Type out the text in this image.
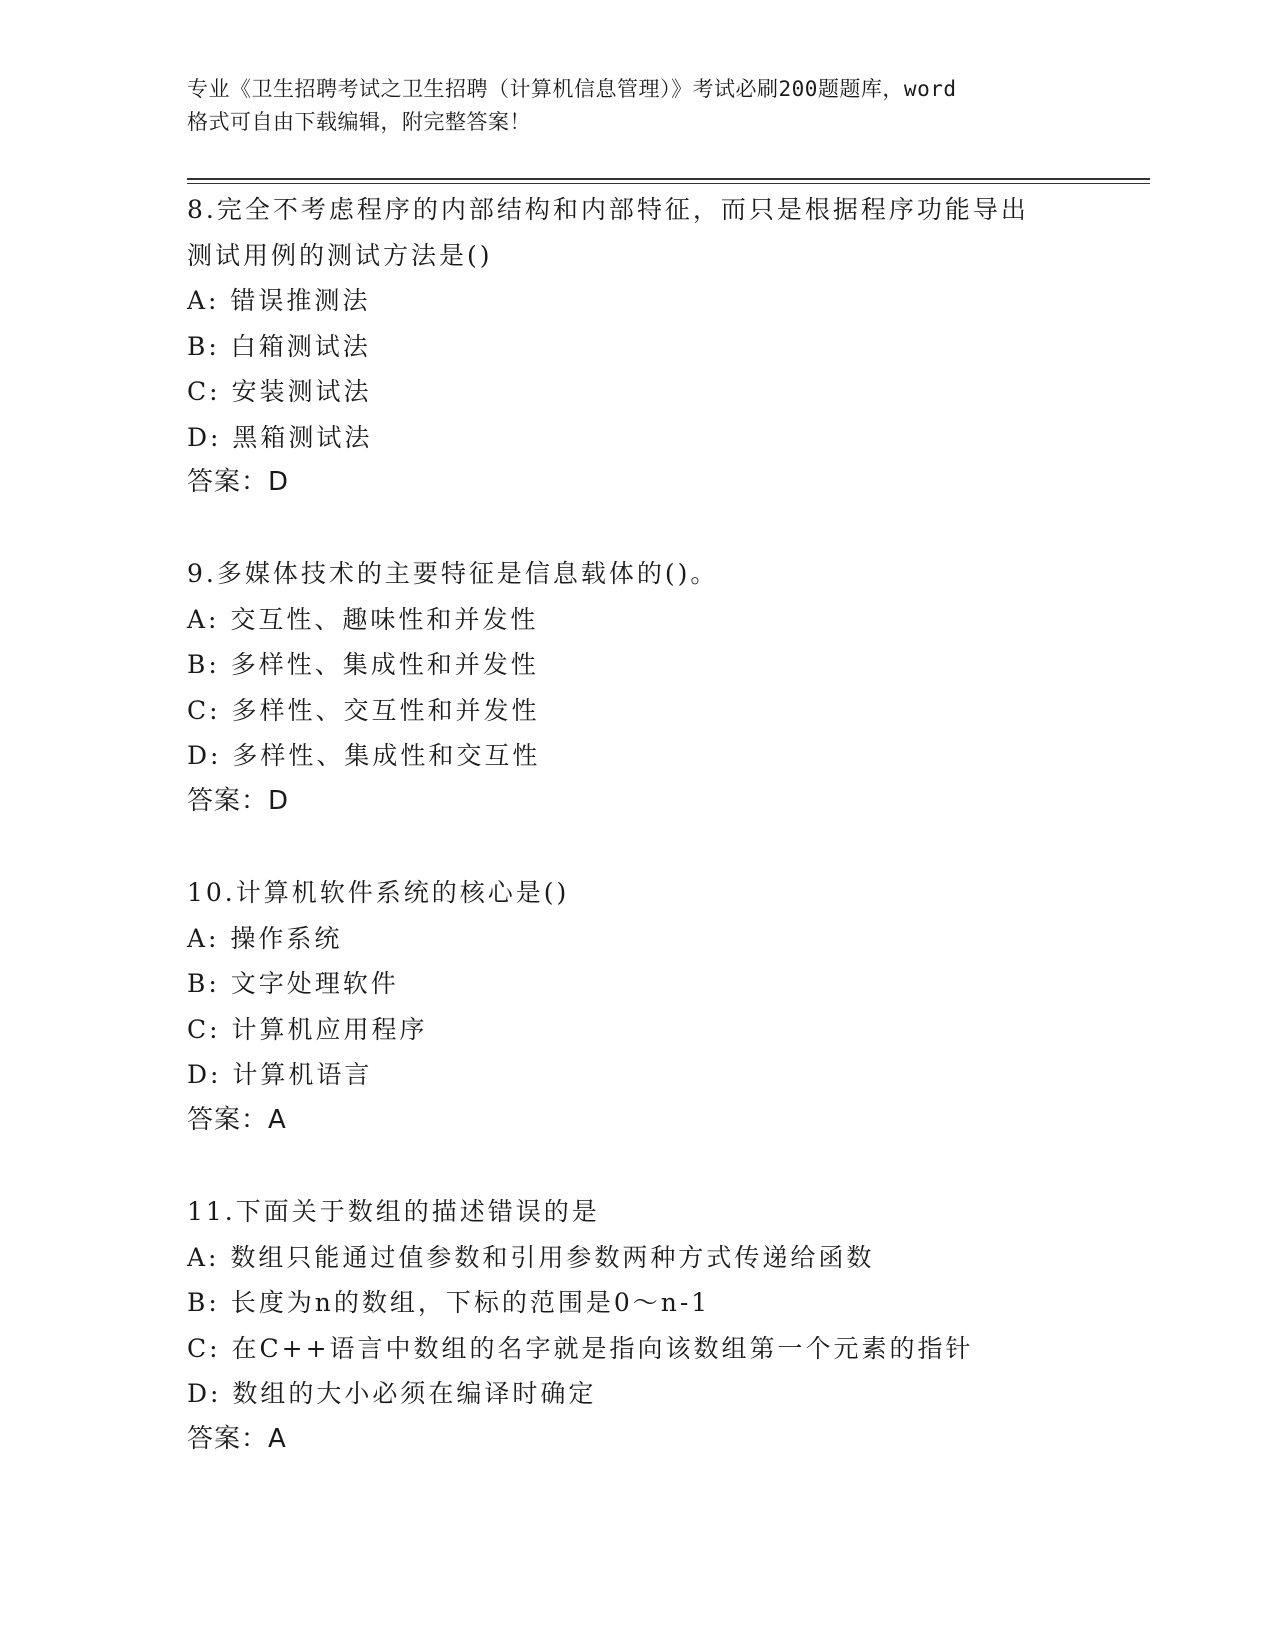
专业《卫生招聘考试之卫生招聘（计算机信息管理）》考试必刷200题题库，word
格式可自由下载编辑，附完整答案！
8.完全不考虑程序的内部结构和内部特征，而只是根据程序功能导出
测试用例的测试方法是()
A: 错误推测法
B: 白箱测试法
C: 安装测试法
D: 黑箱测试法
答案：D
9.多媒体技术的主要特征是信息载体的()。
A: 交互性、趣味性和并发性
B: 多样性、集成性和并发性
C: 多样性、交互性和并发性
D: 多样性、集成性和交互性
答案：D
10.计算机软件系统的核心是()
A: 操作系统
B: 文字处理软件
C: 计算机应用程序
D: 计算机语言
答案：A
11.下面关于数组的描述错误的是
A: 数组只能通过值参数和引用参数两种方式传递给函数
B: 长度为n的数组，下标的范围是0～n-1
C: 在C++语言中数组的名字就是指向该数组第一个元素的指针
D: 数组的大小必须在编译时确定
答案：A
